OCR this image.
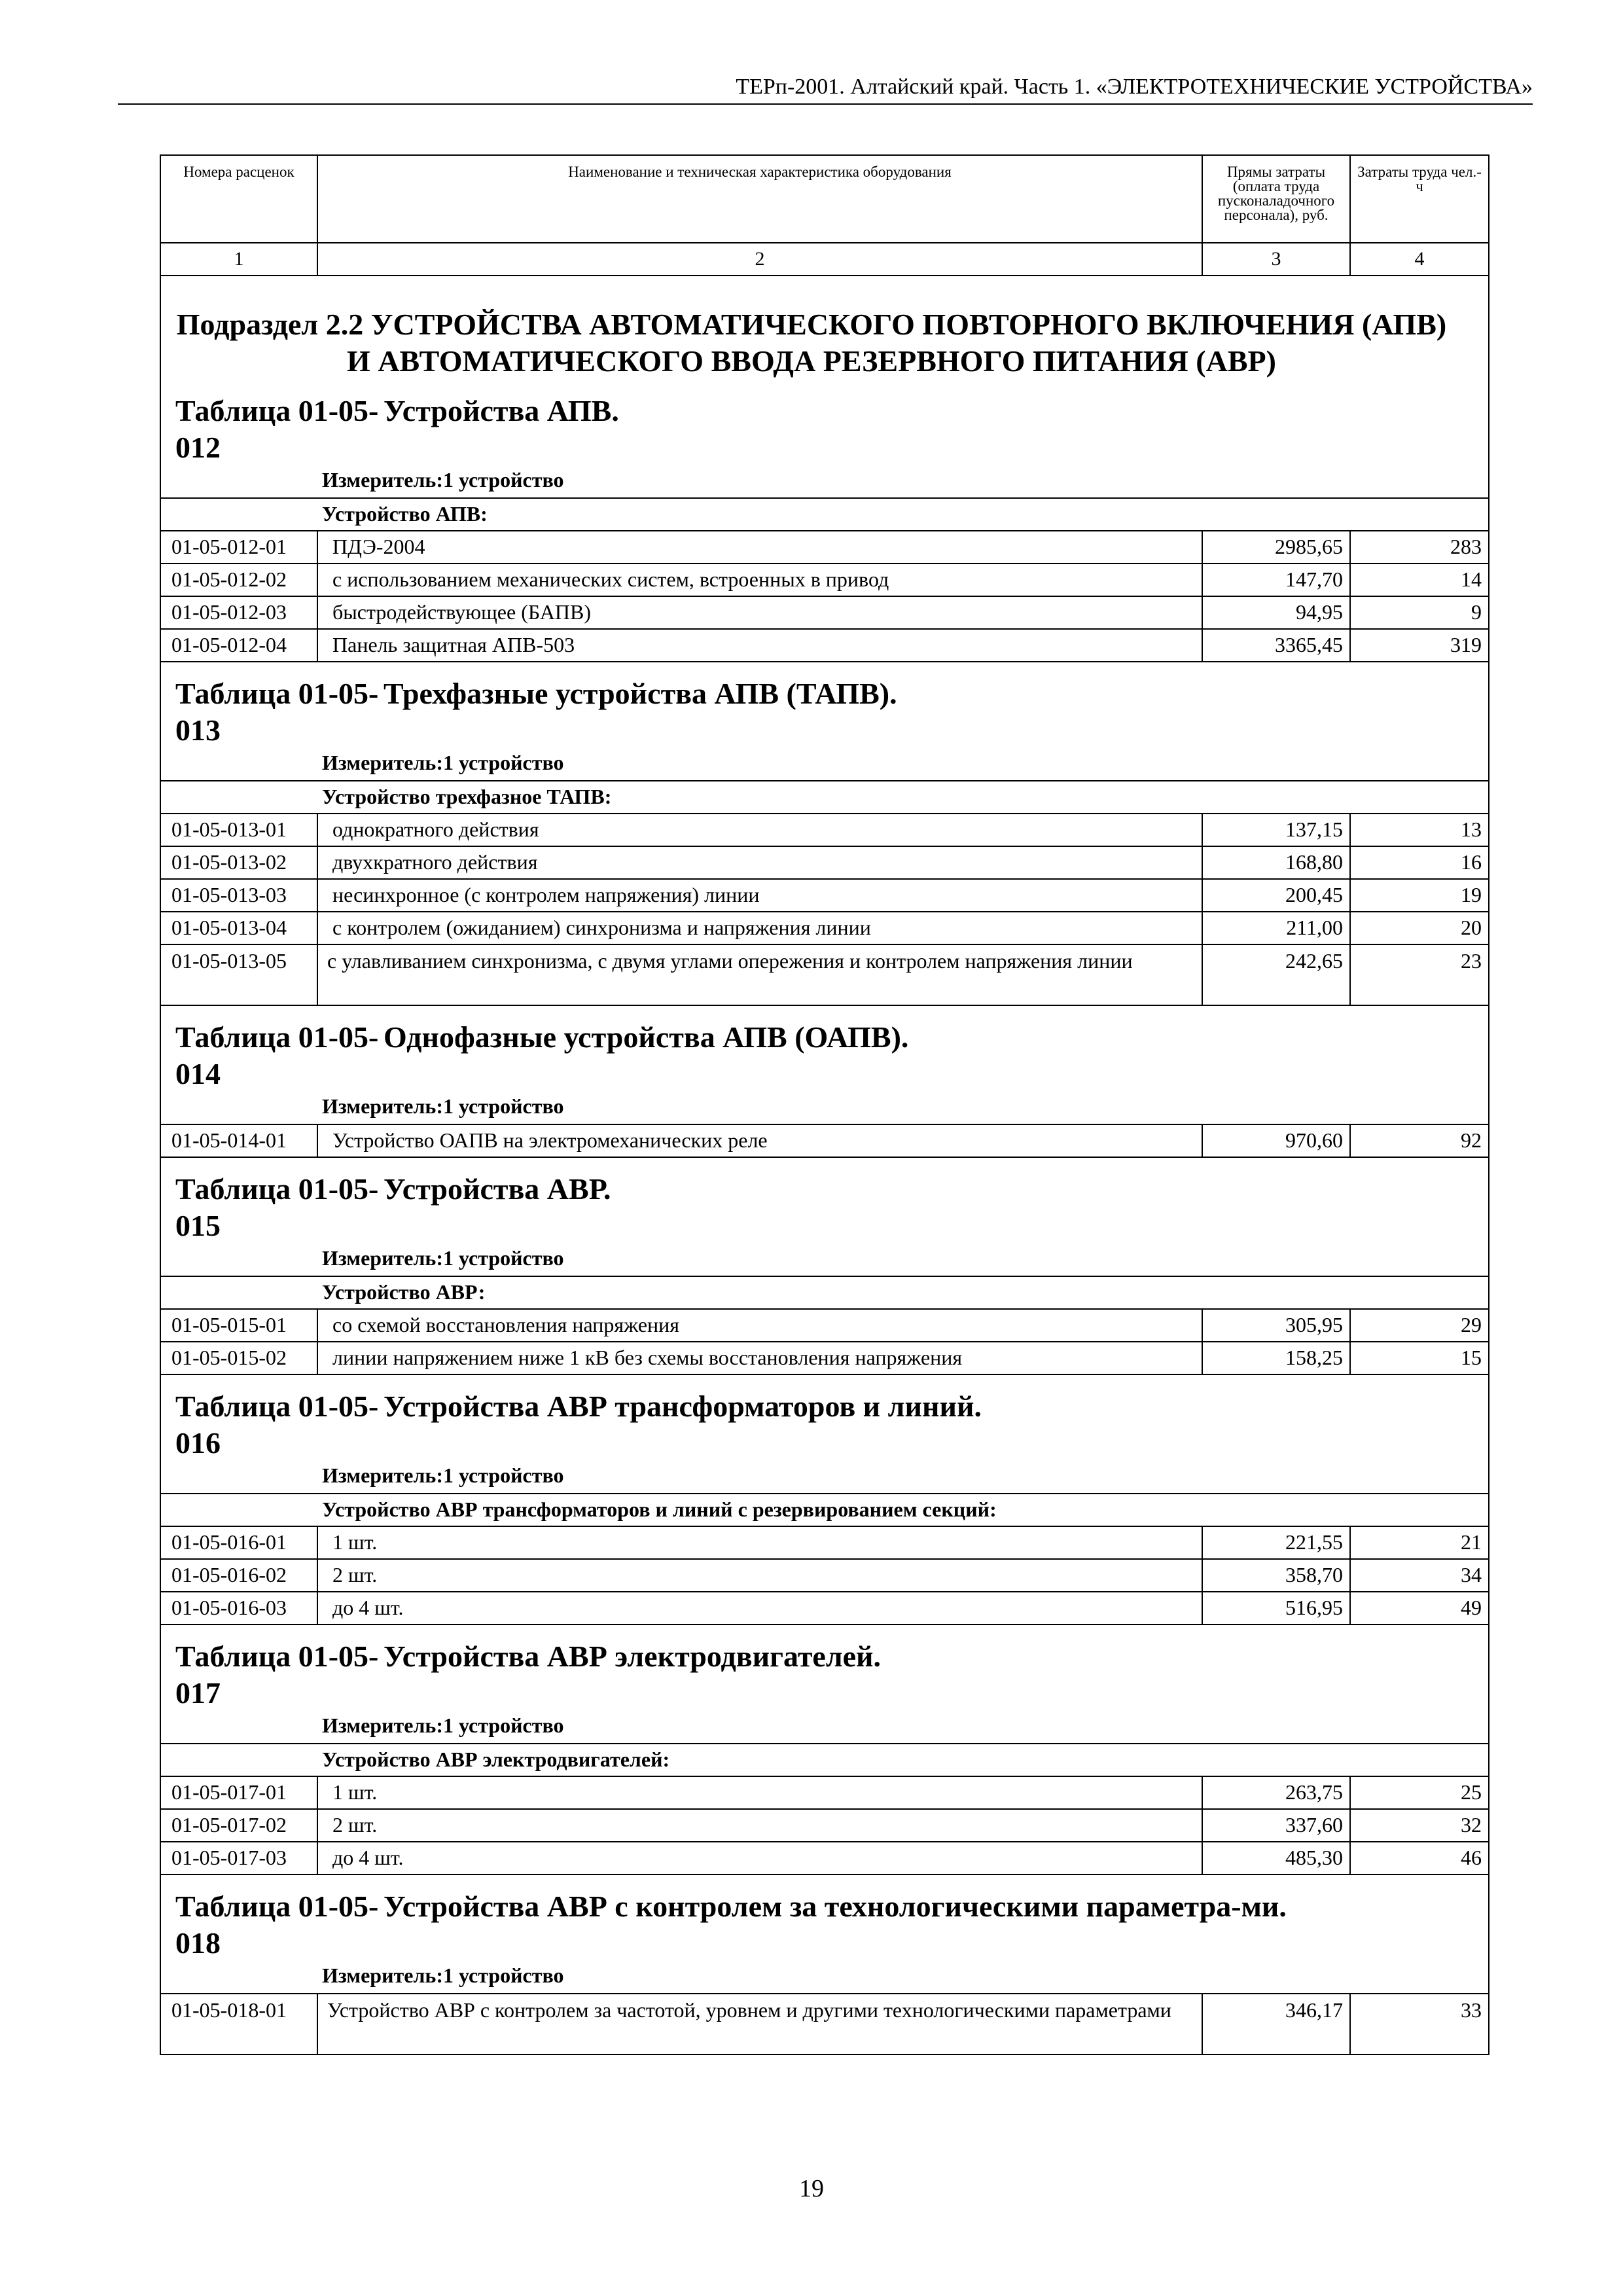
ТЕРп-2001. Алтайский край. Часть 1. «ЭЛЕКТРОТЕХНИЧЕСКИЕ УСТРОЙСТВА»
Номера расценок	Наименование и техническая характеристика оборудования	Прямы затраты (оплата труда пусконаладочного персонала), руб.	Затраты труда чел.-ч
1	2	3	4

Подраздел 2.2 УСТРОЙСТВА АВТОМАТИЧЕСКОГО ПОВТОРНОГО ВКЛЮЧЕНИЯ (АПВ) И АВТОМАТИЧЕСКОГО ВВОДА РЕЗЕРВНОГО ПИТАНИЯ (АВР)
Таблица 01-05-012
Устройства АПВ.
Измеритель:1 устройство			

Устройство АПВ:			
01-05-012-01	ПДЭ-2004	2985,65	283
01-05-012-02	с использованием механических систем, встроенных в привод	147,70	14
01-05-012-03	быстродействующее (БАПВ)	94,95	9
01-05-012-04	Панель защитная АПВ-503	3365,45	319

Таблица 01-05-013
Трехфазные устройства АПВ (ТАПВ).
Измеритель:1 устройство			

Устройство трехфазное ТАПВ:			
01-05-013-01	однократного действия	137,15	13
01-05-013-02	двухкратного действия	168,80	16
01-05-013-03	несинхронное (с контролем напряжения) линии	200,45	19
01-05-013-04	с контролем (ожиданием) синхронизма и напряжения линии	211,00	20
01-05-013-05	с улавливанием синхронизма, с двумя углами опережения и контролем напряжения линии	242,65	23

Таблица 01-05-014
Однофазные устройства АПВ (ОАПВ).
Измеритель:1 устройство			

01-05-014-01	Устройство ОАПВ на электромеханических реле	970,60	92

Таблица 01-05-015
Устройства АВР.
Измеритель:1 устройство			

Устройство АВР:			
01-05-015-01	со схемой восстановления напряжения	305,95	29
01-05-015-02	линии напряжением ниже 1 кВ без схемы восстановления напряжения	158,25	15

Таблица 01-05-016
Устройства АВР трансформаторов и линий.
Измеритель:1 устройство			

Устройство АВР трансформаторов и линий с резервированием секций:			
01-05-016-01	1 шт.	221,55	21
01-05-016-02	2 шт.	358,70	34
01-05-016-03	до 4 шт.	516,95	49

Таблица 01-05-017
Устройства АВР электродвигателей.
Измеритель:1 устройство			

Устройство АВР электродвигателей:			
01-05-017-01	1 шт.	263,75	25
01-05-017-02	2 шт.	337,60	32
01-05-017-03	до 4 шт.	485,30	46

Таблица 01-05-018
Устройства АВР с контролем за технологическими параметра-ми.
Измеритель:1 устройство			

01-05-018-01	Устройство АВР с контролем за частотой, уровнем и другими технологическими параметрами	346,17	33
19
